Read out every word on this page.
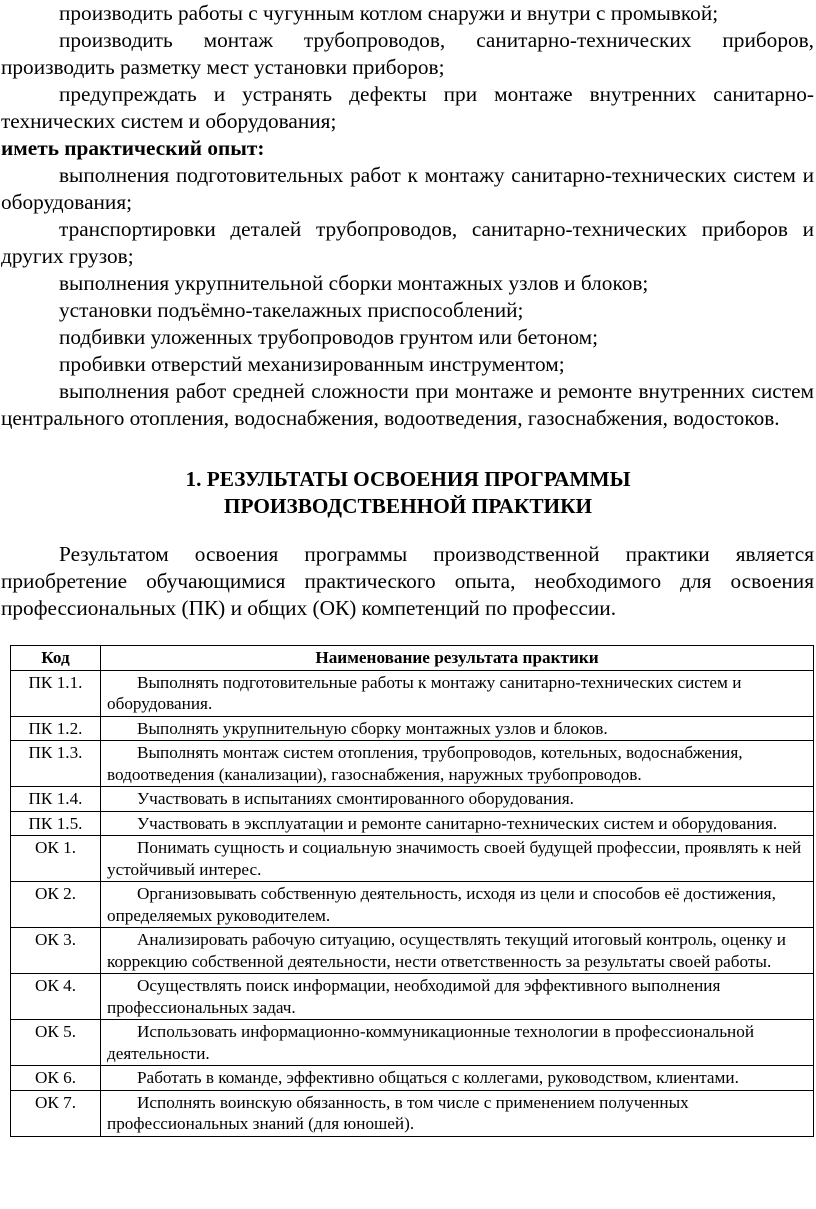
производить работы с чугунным котлом снаружи и внутри с промывкой;

производить монтаж трубопроводов, санитарно-технических приборов, производить разметку мест установки приборов;

предупреждать и устранять дефекты при монтаже внутренних санитарно-технических систем и оборудования;

иметь практический опыт:

выполнения подготовительных работ к монтажу санитарно-технических систем и оборудования;

транспортировки деталей трубопроводов, санитарно-технических приборов и других грузов;

выполнения укрупнительной сборки монтажных узлов и блоков;

установки подъёмно-такелажных приспособлений;

подбивки уложенных трубопроводов грунтом или бетоном;

пробивки отверстий механизированным инструментом;

выполнения работ средней сложности при монтаже и ремонте внутренних систем центрального отопления, водоснабжения, водоотведения, газоснабжения, водостоков.

1. РЕЗУЛЬТАТЫ ОСВОЕНИЯ ПРОГРАММЫ

ПРОИЗВОДСТВЕННОЙ ПРАКТИКИ

Результатом освоения программы производственной практики является приобретение обучающимися практического опыта, необходимого для освоения профессиональных (ПК) и общих (ОК) компетенций по профессии.

Код	Наименование результата практики
ПК 1.1.	Выполнять подготовительные работы к монтажу санитарно-технических систем и оборудования.
ПК 1.2.	Выполнять укрупнительную сборку монтажных узлов и блоков.
ПК 1.3.	Выполнять монтаж систем отопления, трубопроводов, котельных, водоснабжения, водоотведения (канализации), газоснабжения, наружных трубопроводов.
ПК 1.4.	Участвовать в испытаниях смонтированного оборудования.
ПК 1.5.	Участвовать в эксплуатации и ремонте санитарно-технических систем и оборудования.
ОК 1.	Понимать сущность и социальную значимость своей будущей профессии, проявлять к ней устойчивый интерес.
ОК 2.	Организовывать собственную деятельность, исходя из цели и способов её достижения, определяемых руководителем.
ОК 3.	Анализировать рабочую ситуацию, осуществлять текущий итоговый контроль, оценку и коррекцию собственной деятельности, нести ответственность за результаты своей работы.
ОК 4.	Осуществлять поиск информации, необходимой для эффективного выполнения профессиональных задач.
ОК 5.	Использовать информационно-коммуникационные технологии в профессиональной деятельности.
ОК 6.	Работать в команде, эффективно общаться с коллегами, руководством, клиентами.
ОК 7.	Исполнять воинскую обязанность, в том числе с применением полученных профессиональных знаний (для юношей).
